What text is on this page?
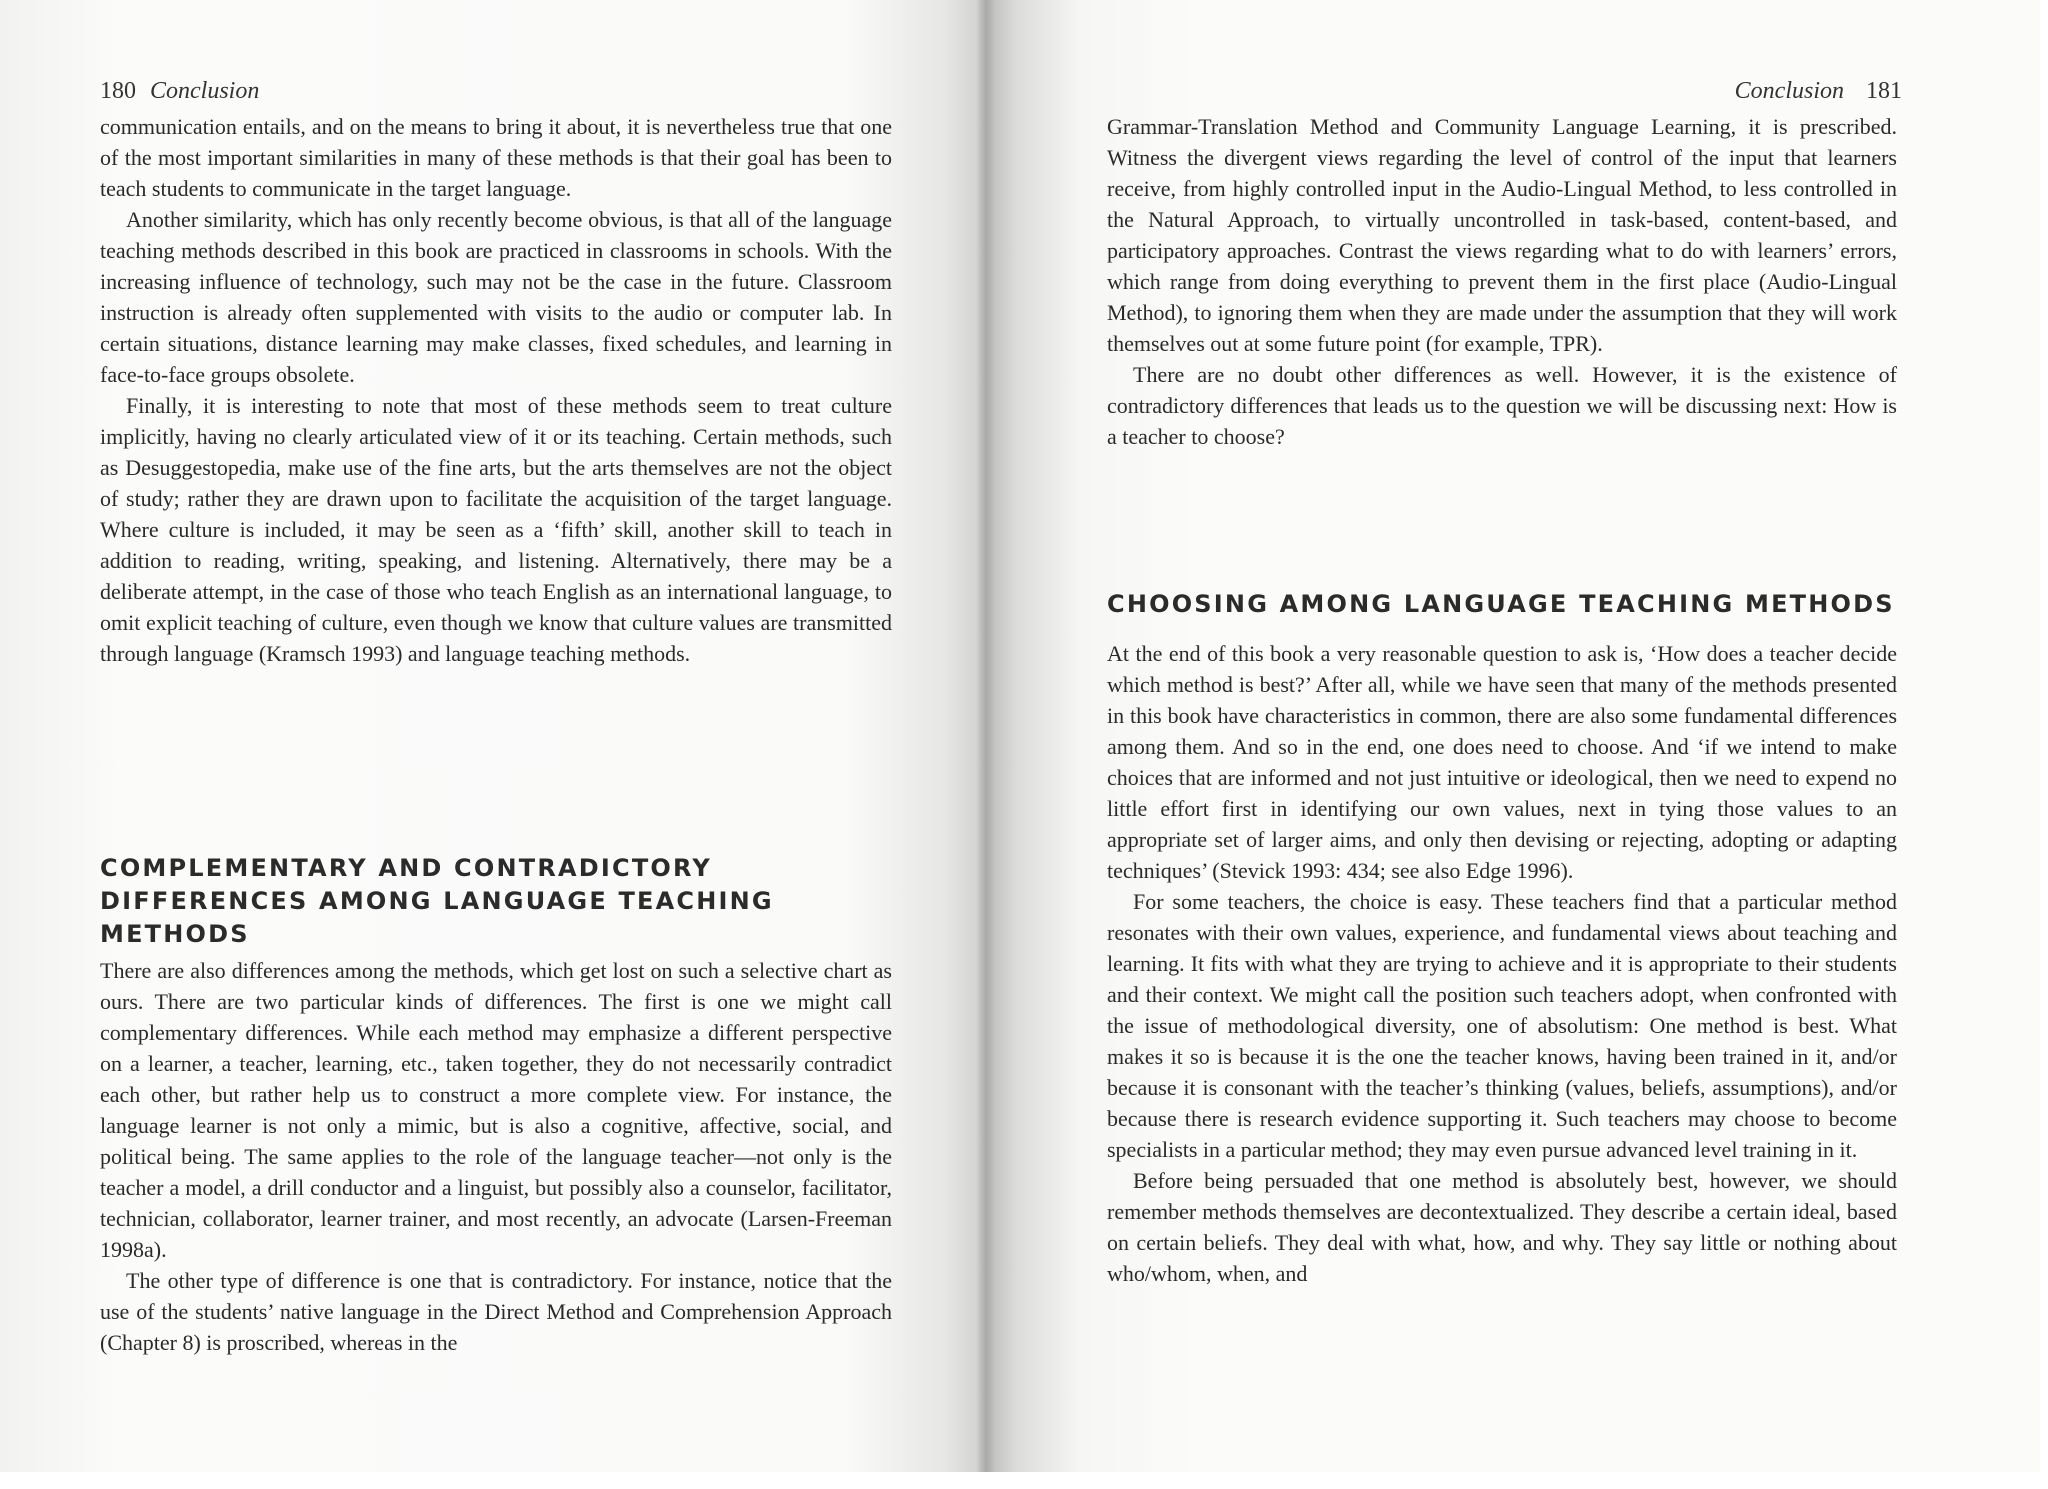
180 Conclusion

communication entails, and on the means to bring it about, it is nevertheless true that one of the most important similarities in many of these methods is that their goal has been to teach students to communicate in the target language.

Another similarity, which has only recently become obvious, is that all of the language teaching methods described in this book are practiced in classrooms in schools. With the increasing influence of technology, such may not be the case in the future. Classroom instruction is already often supplemented with visits to the audio or computer lab. In certain situations, distance learning may make classes, fixed schedules, and learning in face-to-face groups obsolete.

Finally, it is interesting to note that most of these methods seem to treat culture implicitly, having no clearly articulated view of it or its teaching. Certain methods, such as Desuggestopedia, make use of the fine arts, but the arts themselves are not the object of study; rather they are drawn upon to facilitate the acquisition of the target language. Where culture is included, it may be seen as a ‘fifth’ skill, another skill to teach in addition to reading, writing, speaking, and listening. Alternatively, there may be a deliberate attempt, in the case of those who teach English as an international language, to omit explicit teaching of culture, even though we know that culture values are transmitted through language (Kramsch 1993) and language teaching methods.

COMPLEMENTARY AND CONTRADICTORY DIFFERENCES AMONG LANGUAGE TEACHING METHODS

There are also differences among the methods, which get lost on such a selective chart as ours. There are two particular kinds of differences. The first is one we might call complementary differences. While each method may emphasize a different perspective on a learner, a teacher, learning, etc., taken together, they do not necessarily contradict each other, but rather help us to construct a more complete view. For instance, the language learner is not only a mimic, but is also a cognitive, affective, social, and political being. The same applies to the role of the language teacher—not only is the teacher a model, a drill conductor and a linguist, but possibly also a counselor, facilitator, technician, collaborator, learner trainer, and most recently, an advocate (Larsen-Freeman 1998a).

The other type of difference is one that is contradictory. For instance, notice that the use of the students’ native language in the Direct Method and Comprehension Approach (Chapter 8) is proscribed, whereas in the

Conclusion 181

Grammar-Translation Method and Community Language Learning, it is prescribed. Witness the divergent views regarding the level of control of the input that learners receive, from highly controlled input in the Audio-Lingual Method, to less controlled in the Natural Approach, to virtually uncontrolled in task-based, content-based, and participatory approaches. Contrast the views regarding what to do with learners’ errors, which range from doing everything to prevent them in the first place (Audio-Lingual Method), to ignoring them when they are made under the assumption that they will work themselves out at some future point (for example, TPR).

There are no doubt other differences as well. However, it is the existence of contradictory differences that leads us to the question we will be discussing next: How is a teacher to choose?

CHOOSING AMONG LANGUAGE TEACHING METHODS

At the end of this book a very reasonable question to ask is, ‘How does a teacher decide which method is best?’ After all, while we have seen that many of the methods presented in this book have characteristics in common, there are also some fundamental differences among them. And so in the end, one does need to choose. And ‘if we intend to make choices that are informed and not just intuitive or ideological, then we need to expend no little effort first in identifying our own values, next in tying those values to an appropriate set of larger aims, and only then devising or rejecting, adopting or adapting techniques’ (Stevick 1993: 434; see also Edge 1996).

For some teachers, the choice is easy. These teachers find that a particular method resonates with their own values, experience, and fundamental views about teaching and learning. It fits with what they are trying to achieve and it is appropriate to their students and their context. We might call the position such teachers adopt, when confronted with the issue of methodological diversity, one of absolutism: One method is best. What makes it so is because it is the one the teacher knows, having been trained in it, and/or because it is consonant with the teacher’s thinking (values, beliefs, assumptions), and/or because there is research evidence supporting it. Such teachers may choose to become specialists in a particular method; they may even pursue advanced level training in it.

Before being persuaded that one method is absolutely best, however, we should remember methods themselves are decontextualized. They describe a certain ideal, based on certain beliefs. They deal with what, how, and why. They say little or nothing about who/whom, when, and
